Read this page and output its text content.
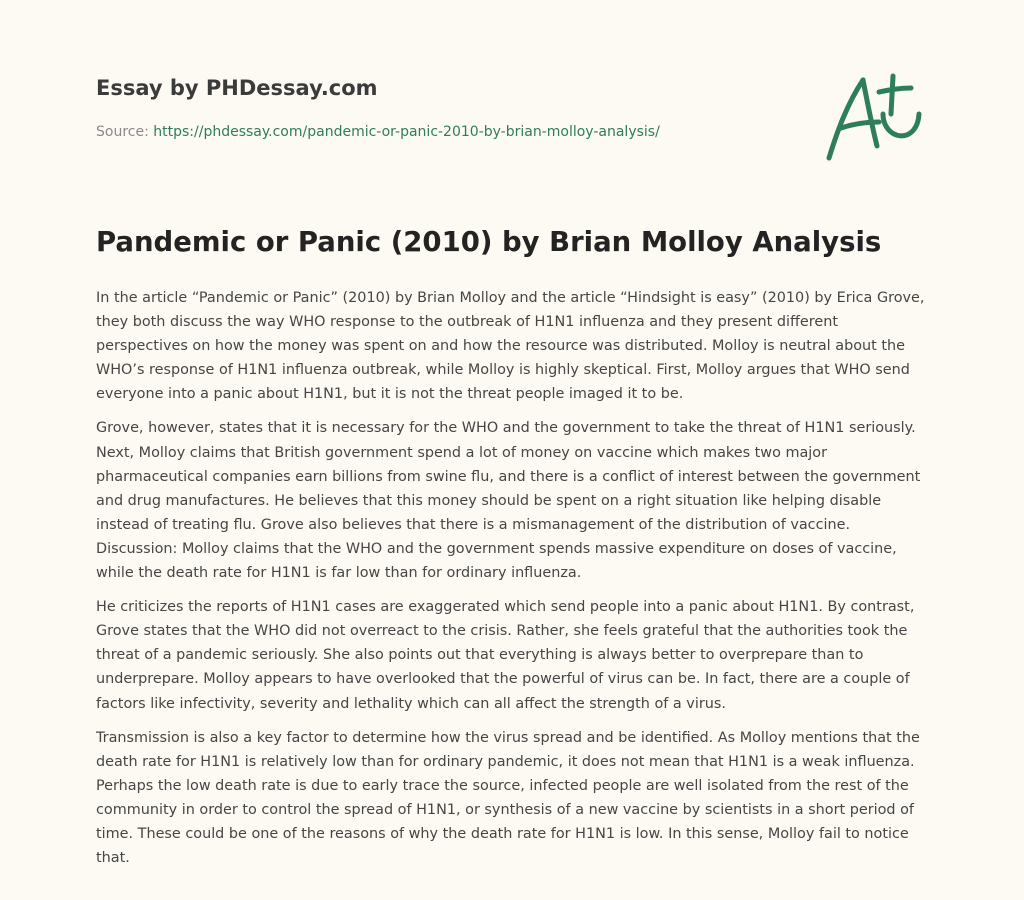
Essay by PHDessay.com
Source: https://phdessay.com/pandemic-or-panic-2010-by-brian-molloy-analysis/
Pandemic or Panic (2010) by Brian Molloy Analysis

In the article “Pandemic or Panic” (2010) by Brian Molloy and the article “Hindsight is easy” (2010) by Erica Grove, they both discuss the way WHO response to the outbreak of H1N1 influenza and they present different perspectives on how the money was spent on and how the resource was distributed. Molloy is neutral about the WHO’s response of H1N1 influenza outbreak, while Molloy is highly skeptical. First, Molloy argues that WHO send everyone into a panic about H1N1, but it is not the threat people imaged it to be.

Grove, however, states that it is necessary for the WHO and the government to take the threat of H1N1 seriously. Next, Molloy claims that British government spend a lot of money on vaccine which makes two major pharmaceutical companies earn billions from swine flu, and there is a conflict of interest between the government and drug manufactures. He believes that this money should be spent on a right situation like helping disable instead of treating flu. Grove also believes that there is a mismanagement of the distribution of vaccine. Discussion: Molloy claims that the WHO and the government spends massive expenditure on doses of vaccine, while the death rate for H1N1 is far low than for ordinary influenza.

He criticizes the reports of H1N1 cases are exaggerated which send people into a panic about H1N1. By contrast, Grove states that the WHO did not overreact to the crisis. Rather, she feels grateful that the authorities took the threat of a pandemic seriously. She also points out that everything is always better to overprepare than to underprepare. Molloy appears to have overlooked that the powerful of virus can be. In fact, there are a couple of factors like infectivity, severity and lethality which can all affect the strength of a virus.

Transmission is also a key factor to determine how the virus spread and be identified. As Molloy mentions that the death rate for H1N1 is relatively low than for ordinary pandemic, it does not mean that H1N1 is a weak influenza. Perhaps the low death rate is due to early trace the source, infected people are well isolated from the rest of the community in order to control the spread of H1N1, or synthesis of a new vaccine by scientists in a short period of time. These could be one of the reasons of why the death rate for H1N1 is low. In this sense, Molloy fail to notice that.
